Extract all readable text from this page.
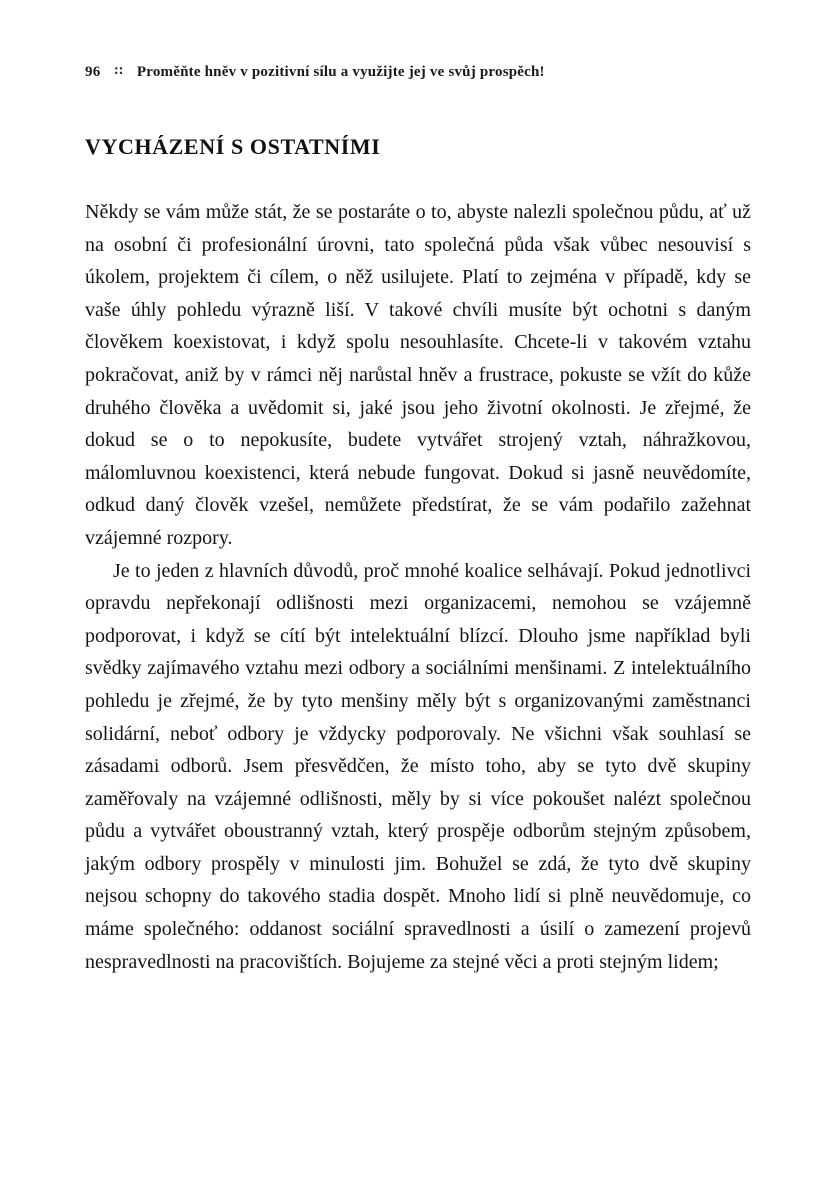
96 ∷ Proměňte hněv v pozitivní sílu a využijte jej ve svůj prospěch!
VYCHÁZENÍ S OSTATNÍMI

Někdy se vám může stát, že se postaráte o to, abyste nalezli společnou půdu, ať už na osobní či profesionální úrovni, tato společná půda však vůbec nesouvisí s úkolem, projektem či cílem, o něž usilujete. Platí to zejména v případě, kdy se vaše úhly pohledu výrazně liší. V takové chvíli musíte být ochotni s daným člověkem koexistovat, i když spolu nesouhlasíte. Chcete-li v takovém vztahu pokračovat, aniž by v rámci něj narůstal hněv a frustrace, pokuste se vžít do kůže druhého člověka a uvědomit si, jaké jsou jeho životní okolnosti. Je zřejmé, že dokud se o to nepokusíte, budete vytvářet strojený vztah, náhražkovou, málomluvnou koexistenci, která nebude fungovat. Dokud si jasně neuvědomíte, odkud daný člověk vzešel, nemůžete předstírat, že se vám podařilo zažehnat vzájemné rozpory.

Je to jeden z hlavních důvodů, proč mnohé koalice selhávají. Pokud jednotlivci opravdu nepřekonají odlišnosti mezi organizacemi, nemohou se vzájemně podporovat, i když se cítí být intelektuální blízcí. Dlouho jsme například byli svědky zajímavého vztahu mezi odbory a sociálními menšinami. Z intelektuálního pohledu je zřejmé, že by tyto menšiny měly být s organizovanými zaměstnanci solidární, neboť odbory je vždycky podporovaly. Ne všichni však souhlasí se zásadami odborů. Jsem přesvědčen, že místo toho, aby se tyto dvě skupiny zaměřovaly na vzájemné odlišnosti, měly by si více pokoušet nalézt společnou půdu a vytvářet oboustranný vztah, který prospěje odborům stejným způsobem, jakým odbory prospěly v minulosti jim. Bohužel se zdá, že tyto dvě skupiny nejsou schopny do takového stadia dospět. Mnoho lidí si plně neuvědomuje, co máme společného: oddanost sociální spravedlnosti a úsilí o zamezení projevů nespravedlnosti na pracovištích. Bojujeme za stejné věci a proti stejným lidem;
